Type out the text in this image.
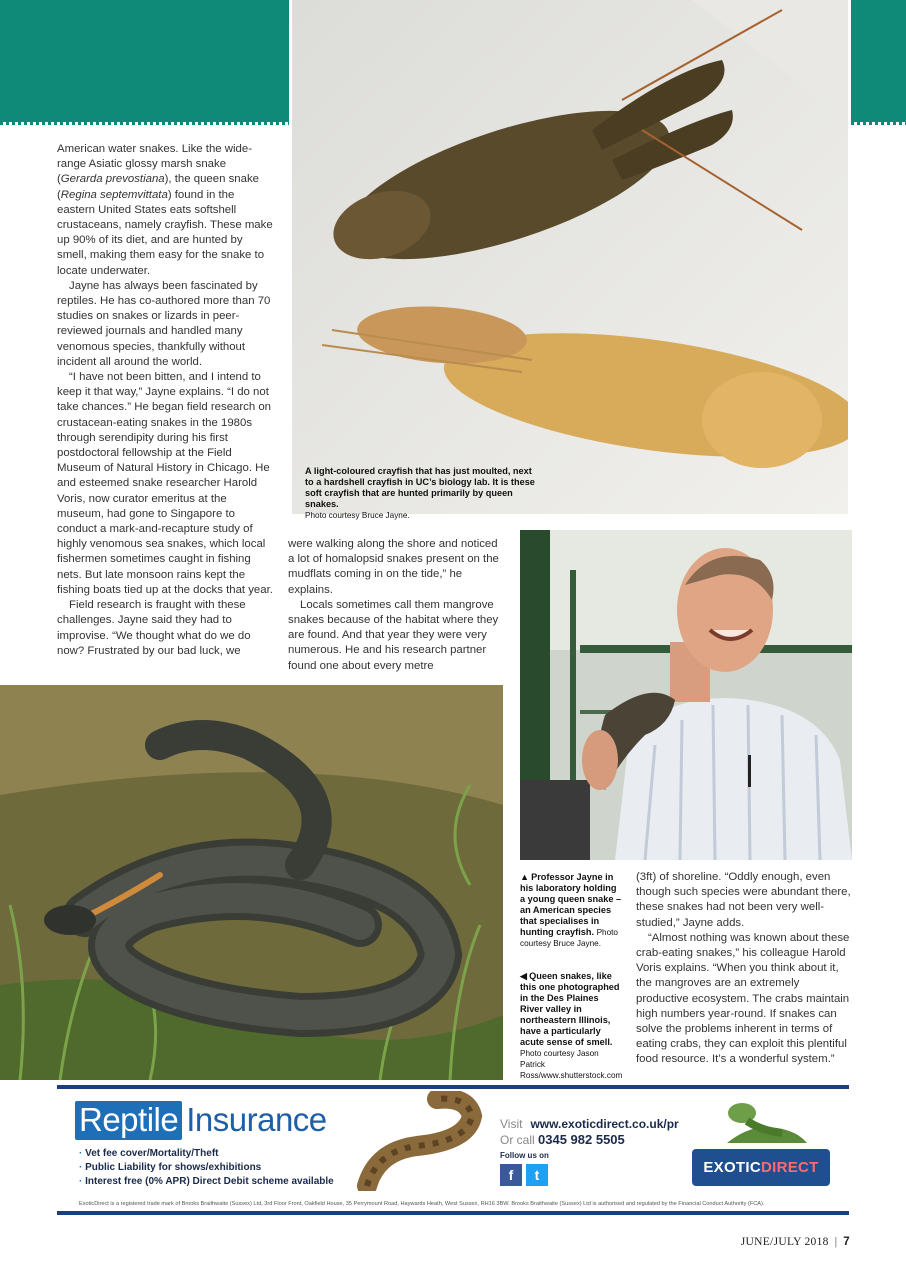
A light-coloured crayfish that has just moulted, next to a hardshell crayfish in UC’s biology lab. It is these soft crayfish that are hunted primarily by queen snakes.
Photo courtesy Bruce Jayne.

American water snakes. Like the wide-range Asiatic glossy marsh snake (Gerarda prevostiana), the queen snake (Regina septemvittata) found in the eastern United States eats softshell crustaceans, namely crayfish. These make up 90% of its diet, and are hunted by smell, making them easy for the snake to locate underwater.

Jayne has always been fascinated by reptiles. He has co-authored more than 70 studies on snakes or lizards in peer-reviewed journals and handled many venomous species, thankfully without incident all around the world.

“I have not been bitten, and I intend to keep it that way,” Jayne explains. “I do not take chances.” He began field research on crustacean-eating snakes in the 1980s through serendipity during his first postdoctoral fellowship at the Field Museum of Natural History in Chicago. He and esteemed snake researcher Harold Voris, now curator emeritus at the museum, had gone to Singapore to conduct a mark-and-recapture study of highly venomous sea snakes, which local fishermen sometimes caught in fishing nets. But late monsoon rains kept the fishing boats tied up at the docks that year.

Field research is fraught with these challenges. Jayne said they had to improvise. “We thought what do we do now? Frustrated by our bad luck, we

were walking along the shore and noticed a lot of homalopsid snakes present on the mudflats coming in on the tide,” he explains.

Locals sometimes call them mangrove snakes because of the habitat where they are found. And that year they were very numerous. He and his research partner found one about every metre

▲ Professor Jayne in his laboratory holding a young queen snake – an American species that specialises in hunting crayfish. Photo courtesy Bruce Jayne.
◀ Queen snakes, like this one photographed in the Des Plaines River valley in northeastern Illinois, have a particularly acute sense of smell.
Photo courtesy Jason Patrick Ross/www.shutterstock.com

(3ft) of shoreline. “Oddly enough, even though such species were abundant there, these snakes had not been very well-studied,” Jayne adds.

“Almost nothing was known about these crab-eating snakes,” his colleague Harold Voris explains. “When you think about it, the mangroves are an extremely productive ecosystem. The crabs maintain high numbers year-round. If snakes can solve the problems inherent in terms of eating crabs, they can exploit this plentiful food resource. It’s a wonderful system.”

Reptile Insurance
· Vet fee cover/Mortality/Theft
· Public Liability for shows/exhibitions
· Interest free (0% APR) Direct Debit scheme available
Visit www.exoticdirect.co.uk/pr
Or call 0345 982 5505
Follow us on
f	t	EXOTICDIRECT
ExoticDirect is a registered trade mark of Brooks Braithwaite (Sussex) Ltd, 3rd Floor Front, Oakfield House, 35 Perrymount Road, Haywards Heath, West Sussex, RH16 3BW. Brooks Braithwaite (Sussex) Ltd is authorised and regulated by the Financial Conduct Authority (FCA).
JUNE/JULY 2018 | 7
